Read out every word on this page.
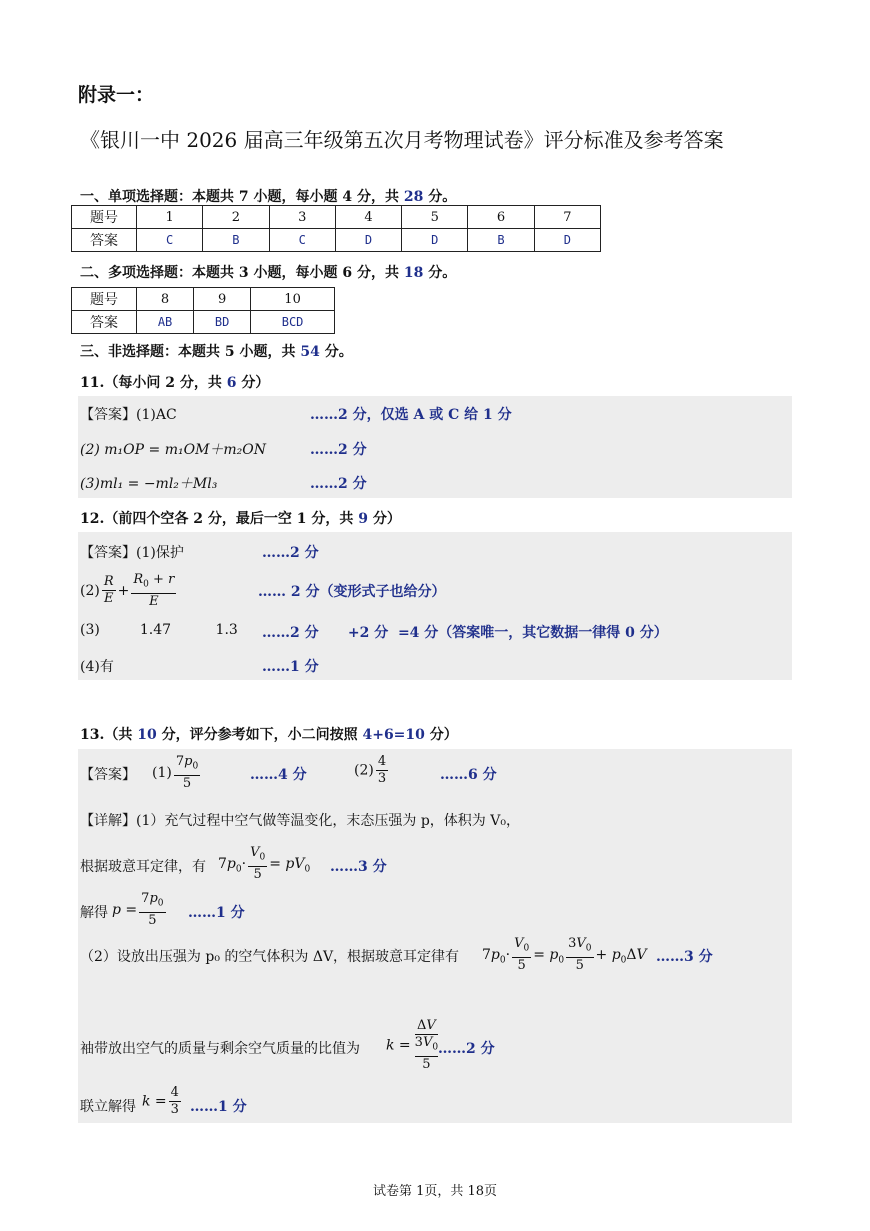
附录一：
《银川一中 2026 届高三年级第五次月考物理试卷》评分标准及参考答案
一、单项选择题：本题共 7 小题，每小题 4 分，共 28 分。
题号	1	2	3	4	5	6	7
答案	C	B	C	D	D	B	D
二、多项选择题：本题共 3 小题，每小题 6 分，共 18 分。
题号	8	9	10
答案	AB	BD	BCD
三、非选择题：本题共 5 小题，共 54 分。
11.（每小问 2 分，共 6 分）
【答案】(1)AC	……2 分，仅选 A 或 C 给 1 分
(2) m₁OP = m₁OM＋m₂ON	……2 分
(3)ml₁ = −ml₂＋Ml₃	……2 分
12.（前四个空各 2 分，最后一空 1 分，共 9 分）
【答案】(1)保护	……2 分
$(2) \frac{R}{E} + \frac{R_0 + r}{E}$	…… 2 分（变形式子也给分）
(3)         1.47          1.3 ……2 分      +2 分  =4 分（答案唯一，其它数据一律得 0 分）
(4)有	……1 分
13.（共 10 分，评分参考如下，小二问按照 4+6=10 分）
【答案】 $(1) \frac{7p_0}{5}$	……4 分	$(2) \frac{4}{3}$	……6 分
【详解】(1）充气过程中空气做等温变化，末态压强为 p，体积为 V₀，
根据玻意耳定律，有 $7p_0\cdot \frac{V_0}{5} = pV_0$ ……3 分
解得 $p = \frac{7p_0}{5}$ ……1 分
（2）设放出压强为 p₀ 的空气体积为 ΔV，根据玻意耳定律有 $7p_0\cdot \frac{V_0}{5} = p_0 \frac{3V_0}{5} + p_0\Delta V$ ……3 分
袖带放出空气的质量与剩余空气质量的比值为 k = ΔV
$3V_0$
5
……2 分
联立解得 $k = \frac{4}{3}$ ……1 分
试卷第 1页，共 18页
